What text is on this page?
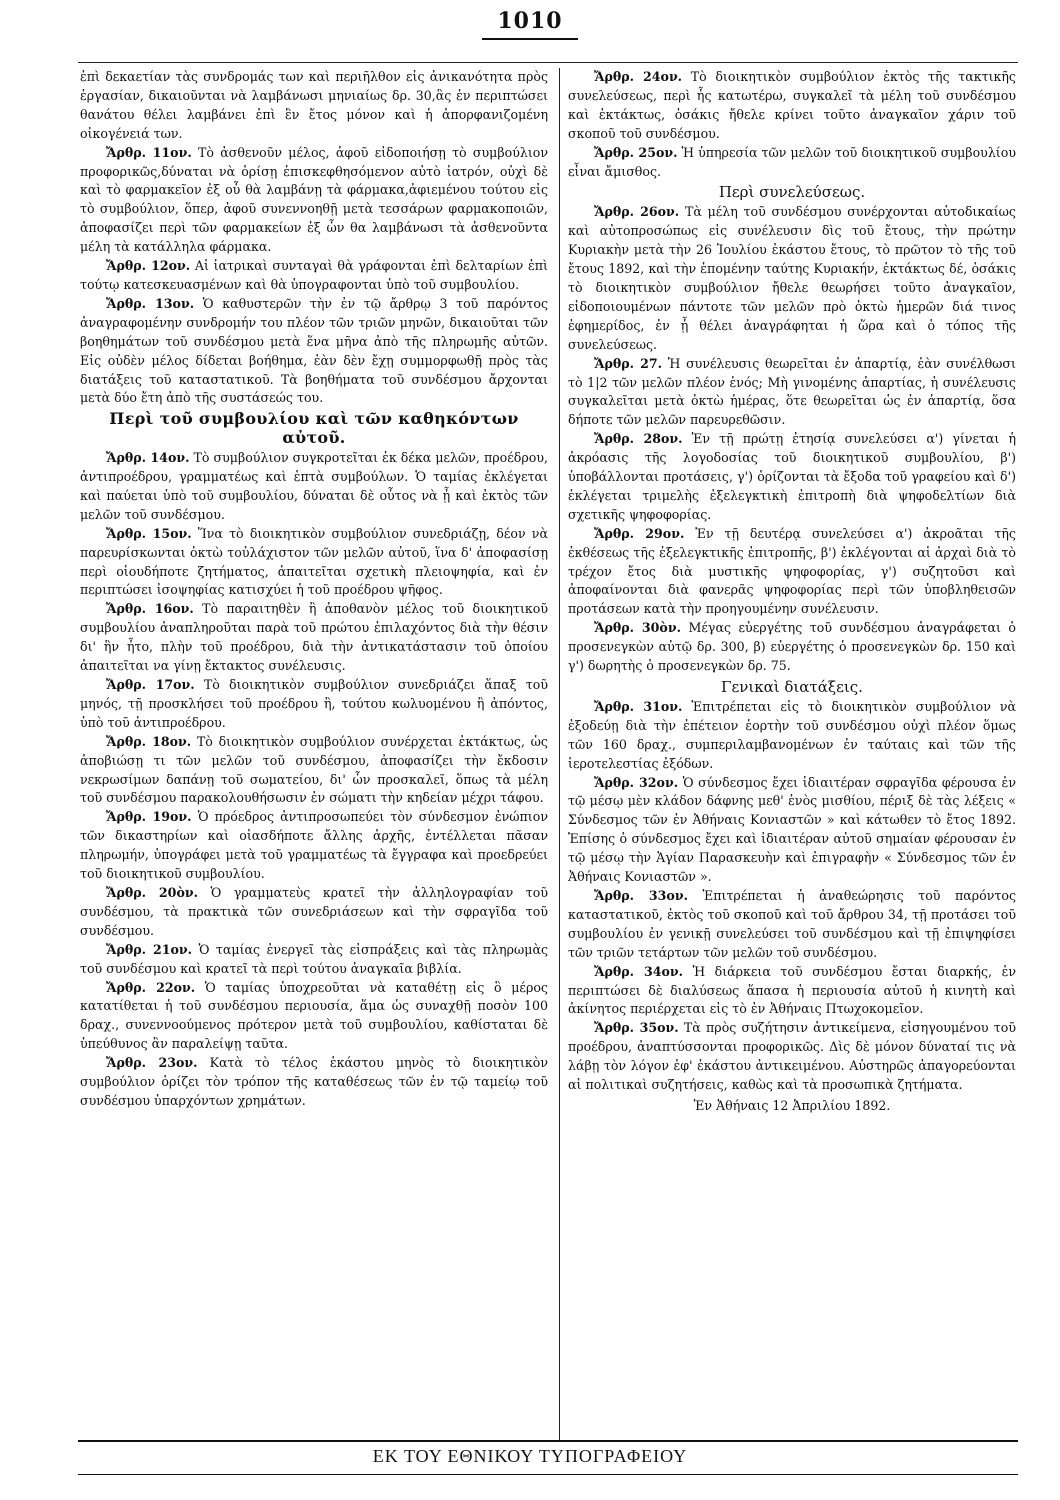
1010

ἐπὶ δεκαετίαν τὰς συνδρομάς των καὶ περιῆλθον εἰς ἀνικανότητα πρὸς ἐργασίαν, δικαιοῦνται νὰ λαμβάνωσι μηνιαίως δρ. 30,ἃς ἐν περιπτώσει θανάτου θέλει λαμβάνει ἐπὶ ἓν ἔτος μόνον καὶ ἡ ἀπορφανιζομένη οἰκογένειά των.

Ἄρθρ. 11ον. Τὸ ἀσθενοῦν μέλος, ἀφοῦ εἰδοποιήσῃ τὸ συμβούλιον προφορικῶς,δύναται νὰ ὁρίσῃ ἐπισκεφθησόμενον αὐτὸ ἰατρόν, οὐχὶ δὲ καὶ τὸ φαρμακεῖον ἐξ οὗ θὰ λαμβάνῃ τὰ φάρμακα,ἀφιεμένου τούτου εἰς τὸ συμβούλιον, ὅπερ, ἀφοῦ συνεννοηθῇ μετὰ τεσσάρων φαρμακοποιῶν, ἀποφασίζει περὶ τῶν φαρμακείων ἐξ ὧν θα λαμβάνωσι τὰ ἀσθενοῦντα μέλη τὰ κατάλληλα φάρμακα.

Ἄρθρ. 12ον. Αἱ ἰατρικαὶ συνταγαὶ θὰ γράφονται ἐπὶ δελταρίων ἐπὶ τούτῳ κατεσκευασμένων καὶ θὰ ὑπογραφονται ὑπὸ τοῦ συμβουλίου.

Ἄρθρ. 13ον. Ὁ καθυστερῶν τὴν ἐν τῷ ἄρθρῳ 3 τοῦ παρόντος ἀναγραφομένην συνδρομήν του πλέον τῶν τριῶν μηνῶν, δικαιοῦται τῶν βοηθημάτων τοῦ συνδέσμου μετὰ ἕνα μῆνα ἀπὸ τῆς πληρωμῆς αὐτῶν. Εἰς οὐδὲν μέλος δίδεται βοήθημα, ἐὰν δὲν ἔχῃ συμμορφωθῇ πρὸς τὰς διατάξεις τοῦ καταστατικοῦ. Τὰ βοηθήματα τοῦ συνδέσμου ἄρχονται μετὰ δύο ἔτη ἀπὸ τῆς συστάσεώς του.

Περὶ τοῦ συμβουλίου καὶ τῶν καθηκόντων αὐτοῦ.

Ἄρθρ. 14ον. Τὸ συμβούλιον συγκροτεῖται ἐκ δέκα μελῶν, προέδρου, ἀντιπροέδρου, γραμματέως καὶ ἑπτὰ συμβούλων. Ὁ ταμίας ἐκλέγεται καὶ παύεται ὑπὸ τοῦ συμβουλίου, δύναται δὲ οὗτος νὰ ᾖ καὶ ἐκτὸς τῶν μελῶν τοῦ συνδέσμου.

Ἄρθρ. 15ον. Ἵνα τὸ διοικητικὸν συμβούλιον συνεδριάζῃ, δέον νὰ παρευρίσκωνται ὀκτὼ τοὐλάχιστον τῶν μελῶν αὐτοῦ, ἵνα δ' ἀποφασίσῃ περὶ οἱουδήποτε ζητήματος, ἀπαιτεῖται σχετικὴ πλειοψηφία, καὶ ἐν περιπτώσει ἰσοψηφίας κατισχύει ἡ τοῦ προέδρου ψῆφος.

Ἄρθρ. 16ον. Τὸ παραιτηθὲν ἢ ἀποθανὸν μέλος τοῦ διοικητικοῦ συμβουλίου ἀναπληροῦται παρὰ τοῦ πρώτου ἐπιλαχόντος διὰ τὴν θέσιν δι' ἣν ἦτο, πλὴν τοῦ προέδρου, διὰ τὴν ἀντικατάστασιν τοῦ ὁποίου ἀπαιτεῖται να γίνῃ ἔκτακτος συνέλευσις.

Ἄρθρ. 17ον. Τὸ διοικητικὸν συμβούλιον συνεδριάζει ἅπαξ τοῦ μηνός, τῇ προσκλήσει τοῦ προέδρου ἢ, τούτου κωλυομένου ἢ ἀπόντος, ὑπὸ τοῦ ἀντιπροέδρου.

Ἄρθρ. 18ον. Τὸ διοικητικὸν συμβούλιον συνέρχεται ἐκτάκτως, ὡς ἀποβιώσῃ τι τῶν μελῶν τοῦ συνδέσμου, ἀποφασίζει τὴν ἔκδοσιν νεκρωσίμων δαπάνῃ τοῦ σωματείου, δι' ὧν προσκαλεῖ, ὅπως τὰ μέλη τοῦ συνδέσμου παρακολουθήσωσιν ἐν σώματι τὴν κηδείαν μέχρι τάφου.

Ἄρθρ. 19ον. Ὁ πρόεδρος ἀντιπροσωπεύει τὸν σύνδεσμον ἐνώπιον τῶν δικαστηρίων καὶ οἱασδήποτε ἄλλης ἀρχῆς, ἐντέλλεται πᾶσαν πληρωμήν, ὑπογράφει μετὰ τοῦ γραμματέως τὰ ἔγγραφα καὶ προεδρεύει τοῦ διοικητικοῦ συμβουλίου.

Ἄρθρ. 20ὸν. Ὁ γραμματεὺς κρατεῖ τὴν ἀλληλογραφίαν τοῦ συνδέσμου, τὰ πρακτικὰ τῶν συνεδριάσεων καὶ τὴν σφραγῖδα τοῦ συνδέσμου.

Ἄρθρ. 21ον. Ὁ ταμίας ἐνεργεῖ τὰς εἰσπράξεις καὶ τὰς πληρωμὰς τοῦ συνδέσμου καὶ κρατεῖ τὰ περὶ τούτου ἀναγκαῖα βιβλία.

Ἄρθρ. 22ον. Ὁ ταμίας ὑποχρεοῦται νὰ καταθέτῃ εἰς ὃ μέρος κατατίθεται ἡ τοῦ συνδέσμου περιουσία, ἅμα ὡς συναχθῇ ποσὸν 100 δραχ., συνεννοούμενος πρότερον μετὰ τοῦ συμβουλίου, καθίσταται δὲ ὑπεύθυνος ἂν παραλείψῃ ταῦτα.

Ἄρθρ. 23ον. Κατὰ τὸ τέλος ἑκάστου μηνὸς τὸ διοικητικὸν συμβούλιον ὁρίζει τὸν τρόπον τῆς καταθέσεως τῶν ἐν τῷ ταμείῳ τοῦ συνδέσμου ὑπαρχόντων χρημάτων.

Ἄρθρ. 24ον. Τὸ διοικητικὸν συμβούλιον ἐκτὸς τῆς τακτικῆς συνελεύσεως, περὶ ἧς κατωτέρω, συγκαλεῖ τὰ μέλη τοῦ συνδέσμου καὶ ἐκτάκτως, ὁσάκις ἤθελε κρίνει τοῦτο ἀναγκαῖον χάριν τοῦ σκοποῦ τοῦ συνδέσμου.

Ἄρθρ. 25ον. Ἡ ὑπηρεσία τῶν μελῶν τοῦ διοικητικοῦ συμβουλίου εἶναι ἄμισθος.

Περὶ συνελεύσεως.

Ἄρθρ. 26ον. Τὰ μέλη τοῦ συνδέσμου συνέρχονται αὐτοδικαίως καὶ αὐτοπροσώπως εἰς συνέλευσιν δὶς τοῦ ἔτους, τὴν πρώτην Κυριακὴν μετὰ τὴν 26 Ἰουλίου ἑκάστου ἔτους, τὸ πρῶτον τὸ τῆς τοῦ ἔτους 1892, καὶ τὴν ἑπομένην ταύτης Κυριακήν, ἐκτάκτως δέ, ὁσάκις τὸ διοικητικὸν συμβούλιον ἤθελε θεωρήσει τοῦτο ἀναγκαῖον, εἰδοποιουμένων πάντοτε τῶν μελῶν πρὸ ὀκτὼ ἡμερῶν διά τινος ἐφημερίδος, ἐν ᾗ θέλει ἀναγράφηται ἡ ὥρα καὶ ὁ τόπος τῆς συνελεύσεως.

Ἄρθρ. 27. Ἡ συνέλευσις θεωρεῖται ἐν ἀπαρτίᾳ, ἐὰν συνέλθωσι τὸ 1|2 τῶν μελῶν πλέον ἑνός; Μὴ γινομένης ἀπαρτίας, ἡ συνέλευσις συγκαλεῖται μετὰ ὀκτὼ ἡμέρας, ὅτε θεωρεῖται ὡς ἐν ἀπαρτίᾳ, ὅσα δήποτε τῶν μελῶν παρευρεθῶσιν.

Ἄρθρ. 28ον. Ἐν τῇ πρώτῃ ἐτησίᾳ συνελεύσει α') γίνεται ἡ ἀκρόασις τῆς λογοδοσίας τοῦ διοικητικοῦ συμβουλίου, β') ὑποβάλλονται προτάσεις, γ') ὁρίζονται τὰ ἔξοδα τοῦ γραφείου καὶ δ') ἐκλέγεται τριμελὴς ἐξελεγκτικὴ ἐπιτροπὴ διὰ ψηφοδελτίων διὰ σχετικῆς ψηφοφορίας.

Ἄρθρ. 29ον. Ἐν τῇ δευτέρᾳ συνελεύσει α') ἀκροᾶται τῆς ἐκθέσεως τῆς ἐξελεγκτικῆς ἐπιτροπῆς, β') ἐκλέγονται αἱ ἀρχαὶ διὰ τὸ τρέχον ἔτος διὰ μυστικῆς ψηφοφορίας, γ') συζητοῦσι καὶ ἀποφαίνονται διὰ φανερᾶς ψηφοφορίας περὶ τῶν ὑποβληθεισῶν προτάσεων κατὰ τὴν προηγουμένην συνέλευσιν.

Ἄρθρ. 30ὸν. Μέγας εὐεργέτης τοῦ συνδέσμου ἀναγράφεται ὁ προσενεγκὼν αὐτῷ δρ. 300, β) εὐεργέτης ὁ προσενεγκὼν δρ. 150 καὶ γ') δωρητὴς ὁ προσενεγκὼν δρ. 75.

Γενικαὶ διατάξεις.

Ἄρθρ. 31ον. Ἐπιτρέπεται εἰς τὸ διοικητικὸν συμβούλιον νὰ ἐξοδεύῃ διὰ τὴν ἐπέτειον ἑορτὴν τοῦ συνδέσμου οὐχὶ πλέον ὅμως τῶν 160 δραχ., συμπεριλαμβανομένων ἐν ταύταις καὶ τῶν τῆς ἱεροτελεστίας ἐξόδων.

Ἄρθρ. 32ον. Ὁ σύνδεσμος ἔχει ἰδιαιτέραν σφραγῖδα φέρουσα ἐν τῷ μέσῳ μὲν κλάδον δάφνης μεθ' ἑνὸς μισθίου, πέριξ δὲ τὰς λέξεις « Σύνδεσμος τῶν ἐν Ἀθήναις Κονιαστῶν » καὶ κάτωθεν τὸ ἔτος 1892. Ἐπίσης ὁ σύνδεσμος ἔχει καὶ ἰδιαιτέραν αὐτοῦ σημαίαν φέρουσαν ἐν τῷ μέσῳ τὴν Ἁγίαν Παρασκευὴν καὶ ἐπιγραφὴν « Σύνδεσμος τῶν ἐν Ἀθήναις Κονιαστῶν ».

Ἄρθρ. 33ον. Ἐπιτρέπεται ἡ ἀναθεώρησις τοῦ παρόντος καταστατικοῦ, ἐκτὸς τοῦ σκοποῦ καὶ τοῦ ἄρθρου 34, τῇ προτάσει τοῦ συμβουλίου ἐν γενικῇ συνελεύσει τοῦ συνδέσμου καὶ τῇ ἐπιψηφίσει τῶν τριῶν τετάρτων τῶν μελῶν τοῦ συνδέσμου.

Ἄρθρ. 34ον. Ἡ διάρκεια τοῦ συνδέσμου ἔσται διαρκής, ἐν περιπτώσει δὲ διαλύσεως ἅπασα ἡ περιουσία αὐτοῦ ἡ κινητὴ καὶ ἀκίνητος περιέρχεται εἰς τὸ ἐν Ἀθήναις Πτωχοκομεῖον.

Ἄρθρ. 35ον. Τὰ πρὸς συζήτησιν ἀντικείμενα, εἰσηγουμένου τοῦ προέδρου, ἀναπτύσσονται προφορικῶς. Δὶς δὲ μόνον δύναταί τις νὰ λάβῃ τὸν λόγον ἐφ' ἑκάστου ἀντικειμένου. Αὐστηρῶς ἀπαγορεύονται αἱ πολιτικαὶ συζητήσεις, καθὼς καὶ τὰ προσωπικὰ ζητήματα.

Ἐν Ἀθήναις 12 Ἀπριλίου 1892.

ΕΚ ΤΟΥ ΕΘΝΙΚΟΥ ΤΥΠΟΓΡΑΦΕΙΟΥ
